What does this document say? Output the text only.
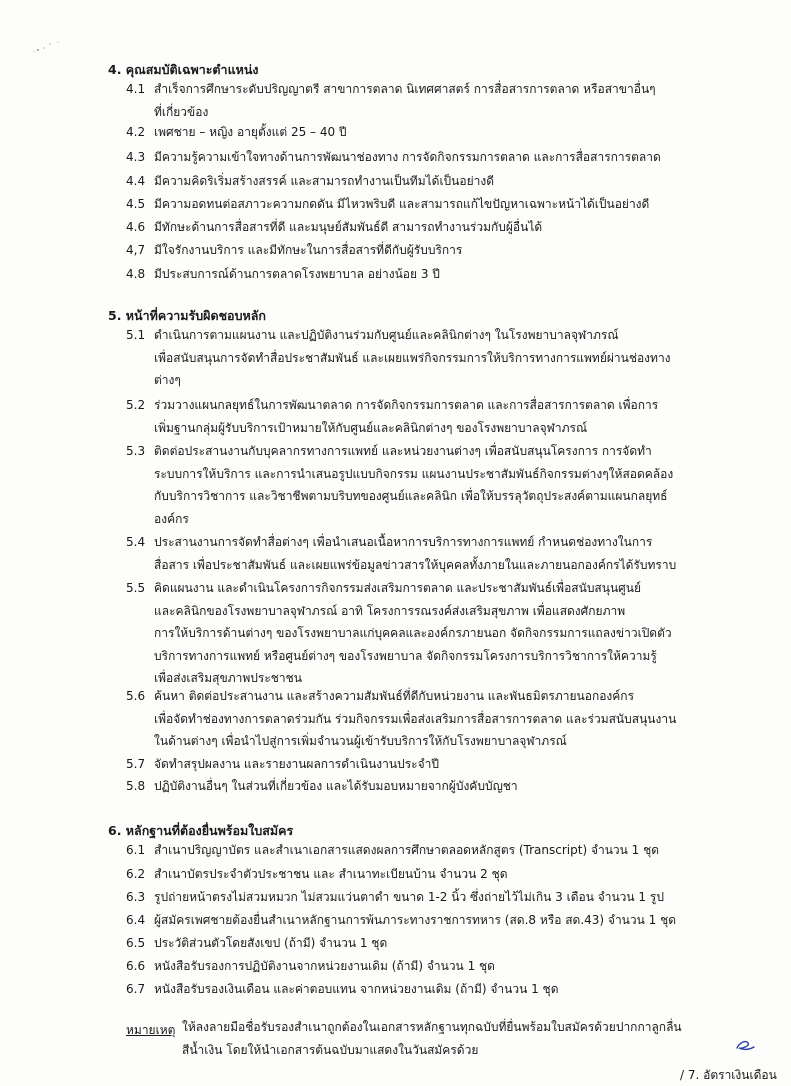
4. คุณสมบัติเฉพาะตำแหน่ง
4.1 สำเร็จการศึกษาระดับปริญญาตรี สาขาการตลาด นิเทศศาสตร์ การสื่อสารการตลาด หรือสาขาอื่นๆ
ที่เกี่ยวข้อง
4.2 เพศชาย – หญิง อายุตั้งแต่ 25 – 40 ปี
4.3 มีความรู้ความเข้าใจทางด้านการพัฒนาช่องทาง การจัดกิจกรรมการตลาด และการสื่อสารการตลาด
4.4 มีความคิดริเริ่มสร้างสรรค์ และสามารถทำงานเป็นทีมได้เป็นอย่างดี
4.5 มีความอดทนต่อสภาวะความกดดัน มีไหวพริบดี และสามารถแก้ไขปัญหาเฉพาะหน้าได้เป็นอย่างดี
4.6 มีทักษะด้านการสื่อสารที่ดี และมนุษย์สัมพันธ์ดี สามารถทำงานร่วมกับผู้อื่นได้
4,7 มีใจรักงานบริการ และมีทักษะในการสื่อสารที่ดีกับผู้รับบริการ
4.8 มีประสบการณ์ด้านการตลาดโรงพยาบาล อย่างน้อย 3 ปี
5. หน้าที่ความรับผิดชอบหลัก
5.1 ดำเนินการตามแผนงาน และปฏิบัติงานร่วมกับศูนย์และคลินิกต่างๆ ในโรงพยาบาลจุฬาภรณ์
เพื่อสนับสนุนการจัดทำสื่อประชาสัมพันธ์ และเผยแพร่กิจกรรมการให้บริการทางการแพทย์ผ่านช่องทาง
ต่างๆ
5.2 ร่วมวางแผนกลยุทธ์ในการพัฒนาตลาด การจัดกิจกรรมการตลาด และการสื่อสารการตลาด เพื่อการ
เพิ่มฐานกลุ่มผู้รับบริการเป้าหมายให้กับศูนย์และคลินิกต่างๆ ของโรงพยาบาลจุฬาภรณ์
5.3 ติดต่อประสานงานกับบุคลากรทางการแพทย์ และหน่วยงานต่างๆ เพื่อสนับสนุนโครงการ การจัดทำ
ระบบการให้บริการ และการนำเสนอรูปแบบกิจกรรม แผนงานประชาสัมพันธ์กิจกรรมต่างๆให้สอดคล้อง
กับบริการวิชาการ และวิชาชีพตามบริบทของศูนย์และคลินิก เพื่อให้บรรลุวัตถุประสงค์ตามแผนกลยุทธ์
องค์กร
5.4 ประสานงานการจัดทำสื่อต่างๆ เพื่อนำเสนอเนื้อหาการบริการทางการแพทย์ กำหนดช่องทางในการ
สื่อสาร เพื่อประชาสัมพันธ์ และเผยแพร่ข้อมูลข่าวสารให้บุคคลทั้งภายในและภายนอกองค์กรได้รับทราบ
5.5 คิดแผนงาน และดำเนินโครงการกิจกรรมส่งเสริมการตลาด และประชาสัมพันธ์เพื่อสนับสนุนศูนย์
และคลินิกของโรงพยาบาลจุฬาภรณ์ อาทิ โครงการรณรงค์ส่งเสริมสุขภาพ เพื่อแสดงศักยภาพ
การให้บริการด้านต่างๆ ของโรงพยาบาลแก่บุคคลและองค์กรภายนอก จัดกิจกรรมการแถลงข่าวเปิดตัว
บริการทางการแพทย์ หรือศูนย์ต่างๆ ของโรงพยาบาล จัดกิจกรรมโครงการบริการวิชาการให้ความรู้
เพื่อส่งเสริมสุขภาพประชาชน
5.6 ค้นหา ติดต่อประสานงาน และสร้างความสัมพันธ์ที่ดีกับหน่วยงาน และพันธมิตรภายนอกองค์กร
เพื่อจัดทำช่องทางการตลาดร่วมกัน ร่วมกิจกรรมเพื่อส่งเสริมการสื่อสารการตลาด และร่วมสนับสนุนงาน
ในด้านต่างๆ เพื่อนำไปสู่การเพิ่มจำนวนผู้เข้ารับบริการให้กับโรงพยาบาลจุฬาภรณ์
5.7 จัดทำสรุปผลงาน และรายงานผลการดำเนินงานประจำปี
5.8 ปฏิบัติงานอื่นๆ ในส่วนที่เกี่ยวข้อง และได้รับมอบหมายจากผู้บังคับบัญชา
6. หลักฐานที่ต้องยื่นพร้อมใบสมัคร
6.1 สำเนาปริญญาบัตร และสำเนาเอกสารแสดงผลการศึกษาตลอดหลักสูตร (Transcript) จำนวน 1 ชุด
6.2 สำเนาบัตรประจำตัวประชาชน และ สำเนาทะเบียนบ้าน จำนวน 2 ชุด
6.3 รูปถ่ายหน้าตรงไม่สวมหมวก ไม่สวมแว่นตาดำ ขนาด 1-2 นิ้ว ซึ่งถ่ายไว้ไม่เกิน 3 เดือน จำนวน 1 รูป
6.4 ผู้สมัครเพศชายต้องยื่นสำเนาหลักฐานการพ้นภาระทางราชการทหาร (สด.8 หรือ สด.43) จำนวน 1 ชุด
6.5 ประวัติส่วนตัวโดยสังเขป (ถ้ามี) จำนวน 1 ชุด
6.6 หนังสือรับรองการปฏิบัติงานจากหน่วยงานเดิม (ถ้ามี) จำนวน 1 ชุด
6.7 หนังสือรับรองเงินเดือน และค่าตอบแทน จากหน่วยงานเดิม (ถ้ามี) จำนวน 1 ชุด
หมายเหตุ ให้ลงลายมือชื่อรับรองสำเนาถูกต้องในเอกสารหลักฐานทุกฉบับที่ยื่นพร้อมใบสมัครด้วยปากกาลูกลื่น
สีน้ำเงิน โดยให้นำเอกสารต้นฉบับมาแสดงในวันสมัครด้วย
/ 7. อัตราเงินเดือน
